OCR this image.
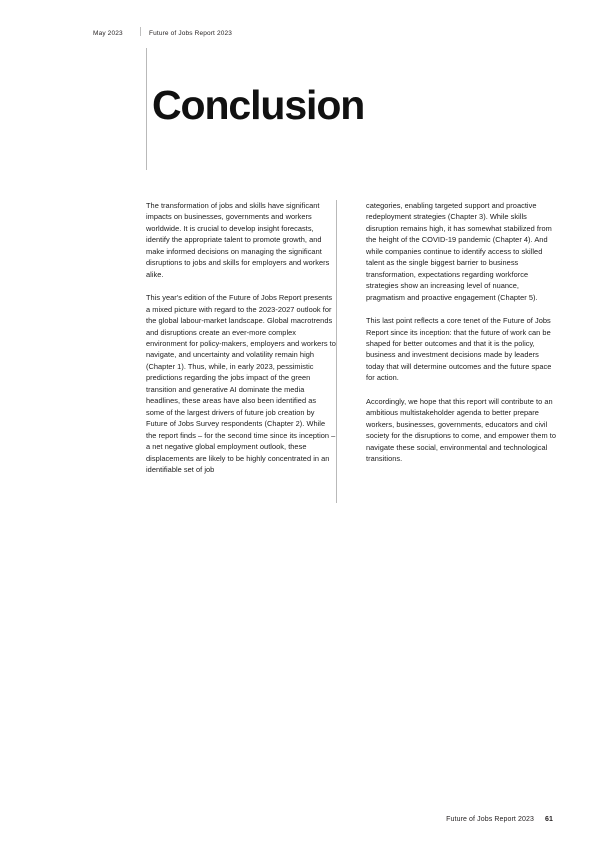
May 2023	Future of Jobs Report 2023
Conclusion

The transformation of jobs and skills have significant impacts on businesses, governments and workers worldwide. It is crucial to develop insight forecasts, identify the appropriate talent to promote growth, and make informed decisions on managing the significant disruptions to jobs and skills for employers and workers alike.

This year's edition of the Future of Jobs Report presents a mixed picture with regard to the 2023-2027 outlook for the global labour-market landscape. Global macrotrends and disruptions create an ever-more complex environment for policy-makers, employers and workers to navigate, and uncertainty and volatility remain high (Chapter 1). Thus, while, in early 2023, pessimistic predictions regarding the jobs impact of the green transition and generative AI dominate the media headlines, these areas have also been identified as some of the largest drivers of future job creation by Future of Jobs Survey respondents (Chapter 2). While the report finds – for the second time since its inception – a net negative global employment outlook, these displacements are likely to be highly concentrated in an identifiable set of job

categories, enabling targeted support and proactive redeployment strategies (Chapter 3). While skills disruption remains high, it has somewhat stabilized from the height of the COVID-19 pandemic (Chapter 4). And while companies continue to identify access to skilled talent as the single biggest barrier to business transformation, expectations regarding workforce strategies show an increasing level of nuance, pragmatism and proactive engagement (Chapter 5).

This last point reflects a core tenet of the Future of Jobs Report since its inception: that the future of work can be shaped for better outcomes and that it is the policy, business and investment decisions made by leaders today that will determine outcomes and the future space for action.

Accordingly, we hope that this report will contribute to an ambitious multistakeholder agenda to better prepare workers, businesses, governments, educators and civil society for the disruptions to come, and empower them to navigate these social, environmental and technological transitions.

Future of Jobs Report 2023 61
